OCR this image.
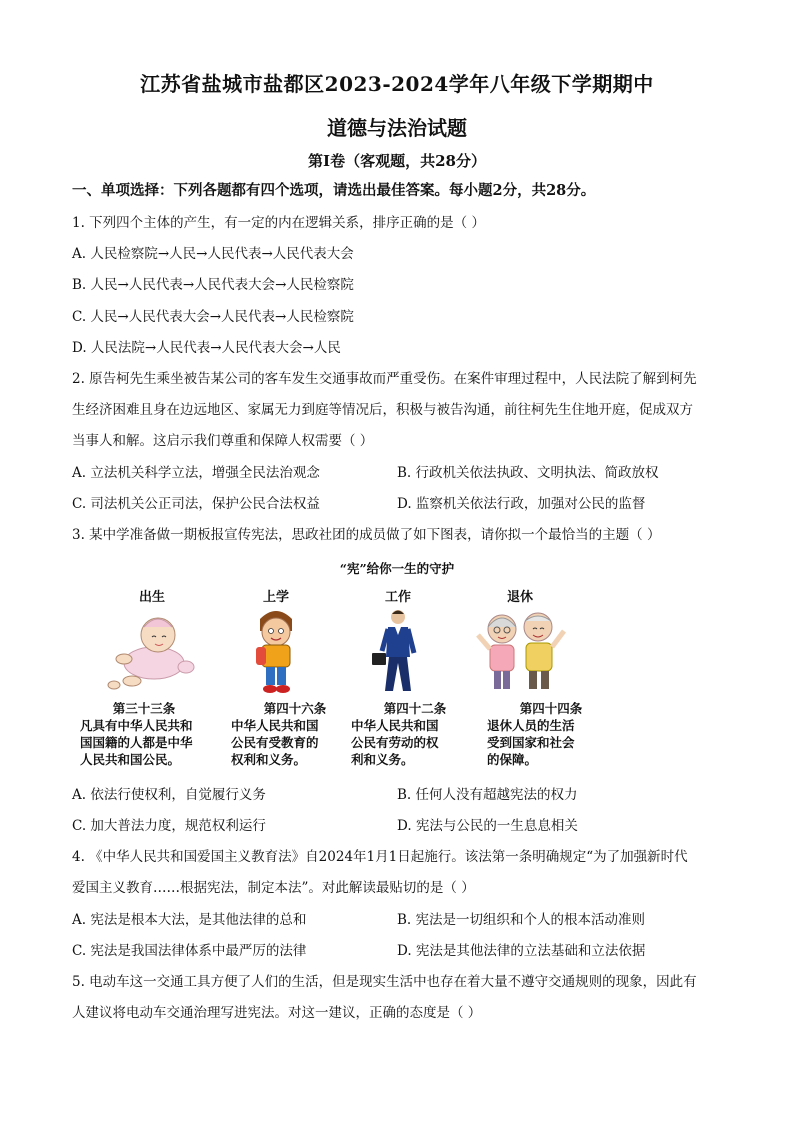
江苏省盐城市盐都区2023-2024学年八年级下学期期中
道德与法治试题
第Ⅰ卷（客观题，共28分）
一、单项选择：下列各题都有四个选项，请选出最佳答案。每小题2分，共28分。
1. 下列四个主体的产生，有一定的内在逻辑关系，排序正确的是（ ）
A. 人民检察院→人民→人民代表→人民代表大会
B. 人民→人民代表→人民代表大会→人民检察院
C. 人民→人民代表大会→人民代表→人民检察院
D. 人民法院→人民代表→人民代表大会→人民
2. 原告柯先生乘坐被告某公司的客车发生交通事故而严重受伤。在案件审理过程中，人民法院了解到柯先
生经济困难且身在边远地区、家属无力到庭等情况后，积极与被告沟通，前往柯先生住地开庭，促成双方
当事人和解。这启示我们尊重和保障人权需要（ ）
A. 立法机关科学立法，增强全民法治观念	B. 行政机关依法执政、文明执法、简政放权
C. 司法机关公正司法，保护公民合法权益	D. 监察机关依法行政，加强对公民的监督
3. 某中学准备做一期板报宣传宪法，思政社团的成员做了如下图表，请你拟一个最恰当的主题（ ）
“宪”给你一生的守护
出生	上学	工作	退休
第三十三条
凡具有中华人民共和
国国籍的人都是中华
人民共和国公民。
第四十六条
中华人民共和国
公民有受教育的
权利和义务。
第四十二条
中华人民共和国
公民有劳动的权
利和义务。
第四十四条
退休人员的生活
受到国家和社会
的保障。
A. 依法行使权利，自觉履行义务	B. 任何人没有超越宪法的权力
C. 加大普法力度，规范权利运行	D. 宪法与公民的一生息息相关
4. 《中华人民共和国爱国主义教育法》自2024年1月1日起施行。该法第一条明确规定“为了加强新时代
爱国主义教育……根据宪法，制定本法”。对此解读最贴切的是（ ）
A. 宪法是根本大法，是其他法律的总和	B. 宪法是一切组织和个人的根本活动准则
C. 宪法是我国法律体系中最严厉的法律	D. 宪法是其他法律的立法基础和立法依据
5. 电动车这一交通工具方便了人们的生活，但是现实生活中也存在着大量不遵守交通规则的现象，因此有
人建议将电动车交通治理写进宪法。对这一建议，正确的态度是（ ）
